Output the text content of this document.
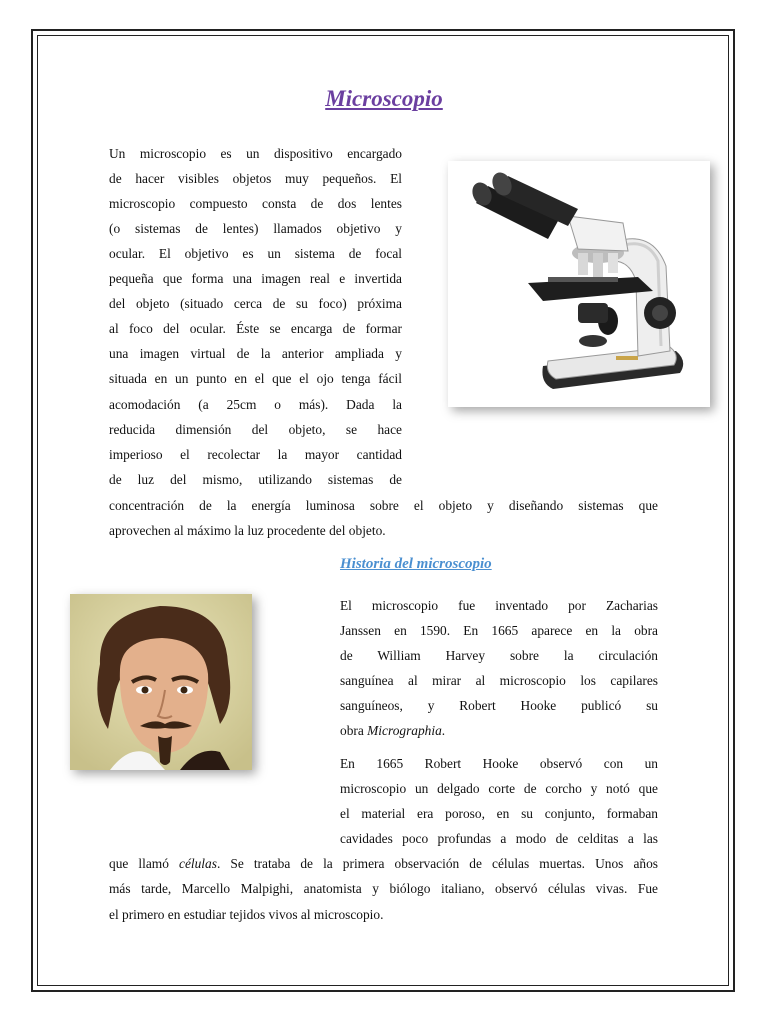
Microscopio
Un microscopio es un dispositivo encargado
de hacer visibles objetos muy pequeños. El
microscopio compuesto consta de dos lentes
(o sistemas de lentes) llamados objetivo y
ocular. El objetivo es un sistema de focal
pequeña que forma una imagen real e invertida
del objeto (situado cerca de su foco) próxima
al foco del ocular. Éste se encarga de formar
una imagen virtual de la anterior ampliada y
situada en un punto en el que el ojo tenga fácil
acomodación (a 25cm o más). Dada la
reducida dimensión del objeto, se hace
imperioso el recolectar la mayor cantidad
de luz del mismo, utilizando sistemas de
concentración de la energía luminosa sobre el objeto y diseñando sistemas que
aprovechen al máximo la luz procedente del objeto.
Historia del microscopio
El microscopio fue inventado por Zacharias
Janssen en 1590. En 1665 aparece en la obra
de William Harvey sobre la circulación
sanguínea al mirar al microscopio los capilares
sanguíneos, y Robert Hooke publicó su
obra Micrographia.
En 1665 Robert Hooke observó con un
microscopio un delgado corte de corcho y notó que
el material era poroso, en su conjunto, formaban
cavidades poco profundas a modo de celditas a las
que llamó células. Se trataba de la primera observación de células muertas. Unos años
más tarde, Marcello Malpighi, anatomista y biólogo italiano, observó células vivas. Fue
el primero en estudiar tejidos vivos al microscopio.
